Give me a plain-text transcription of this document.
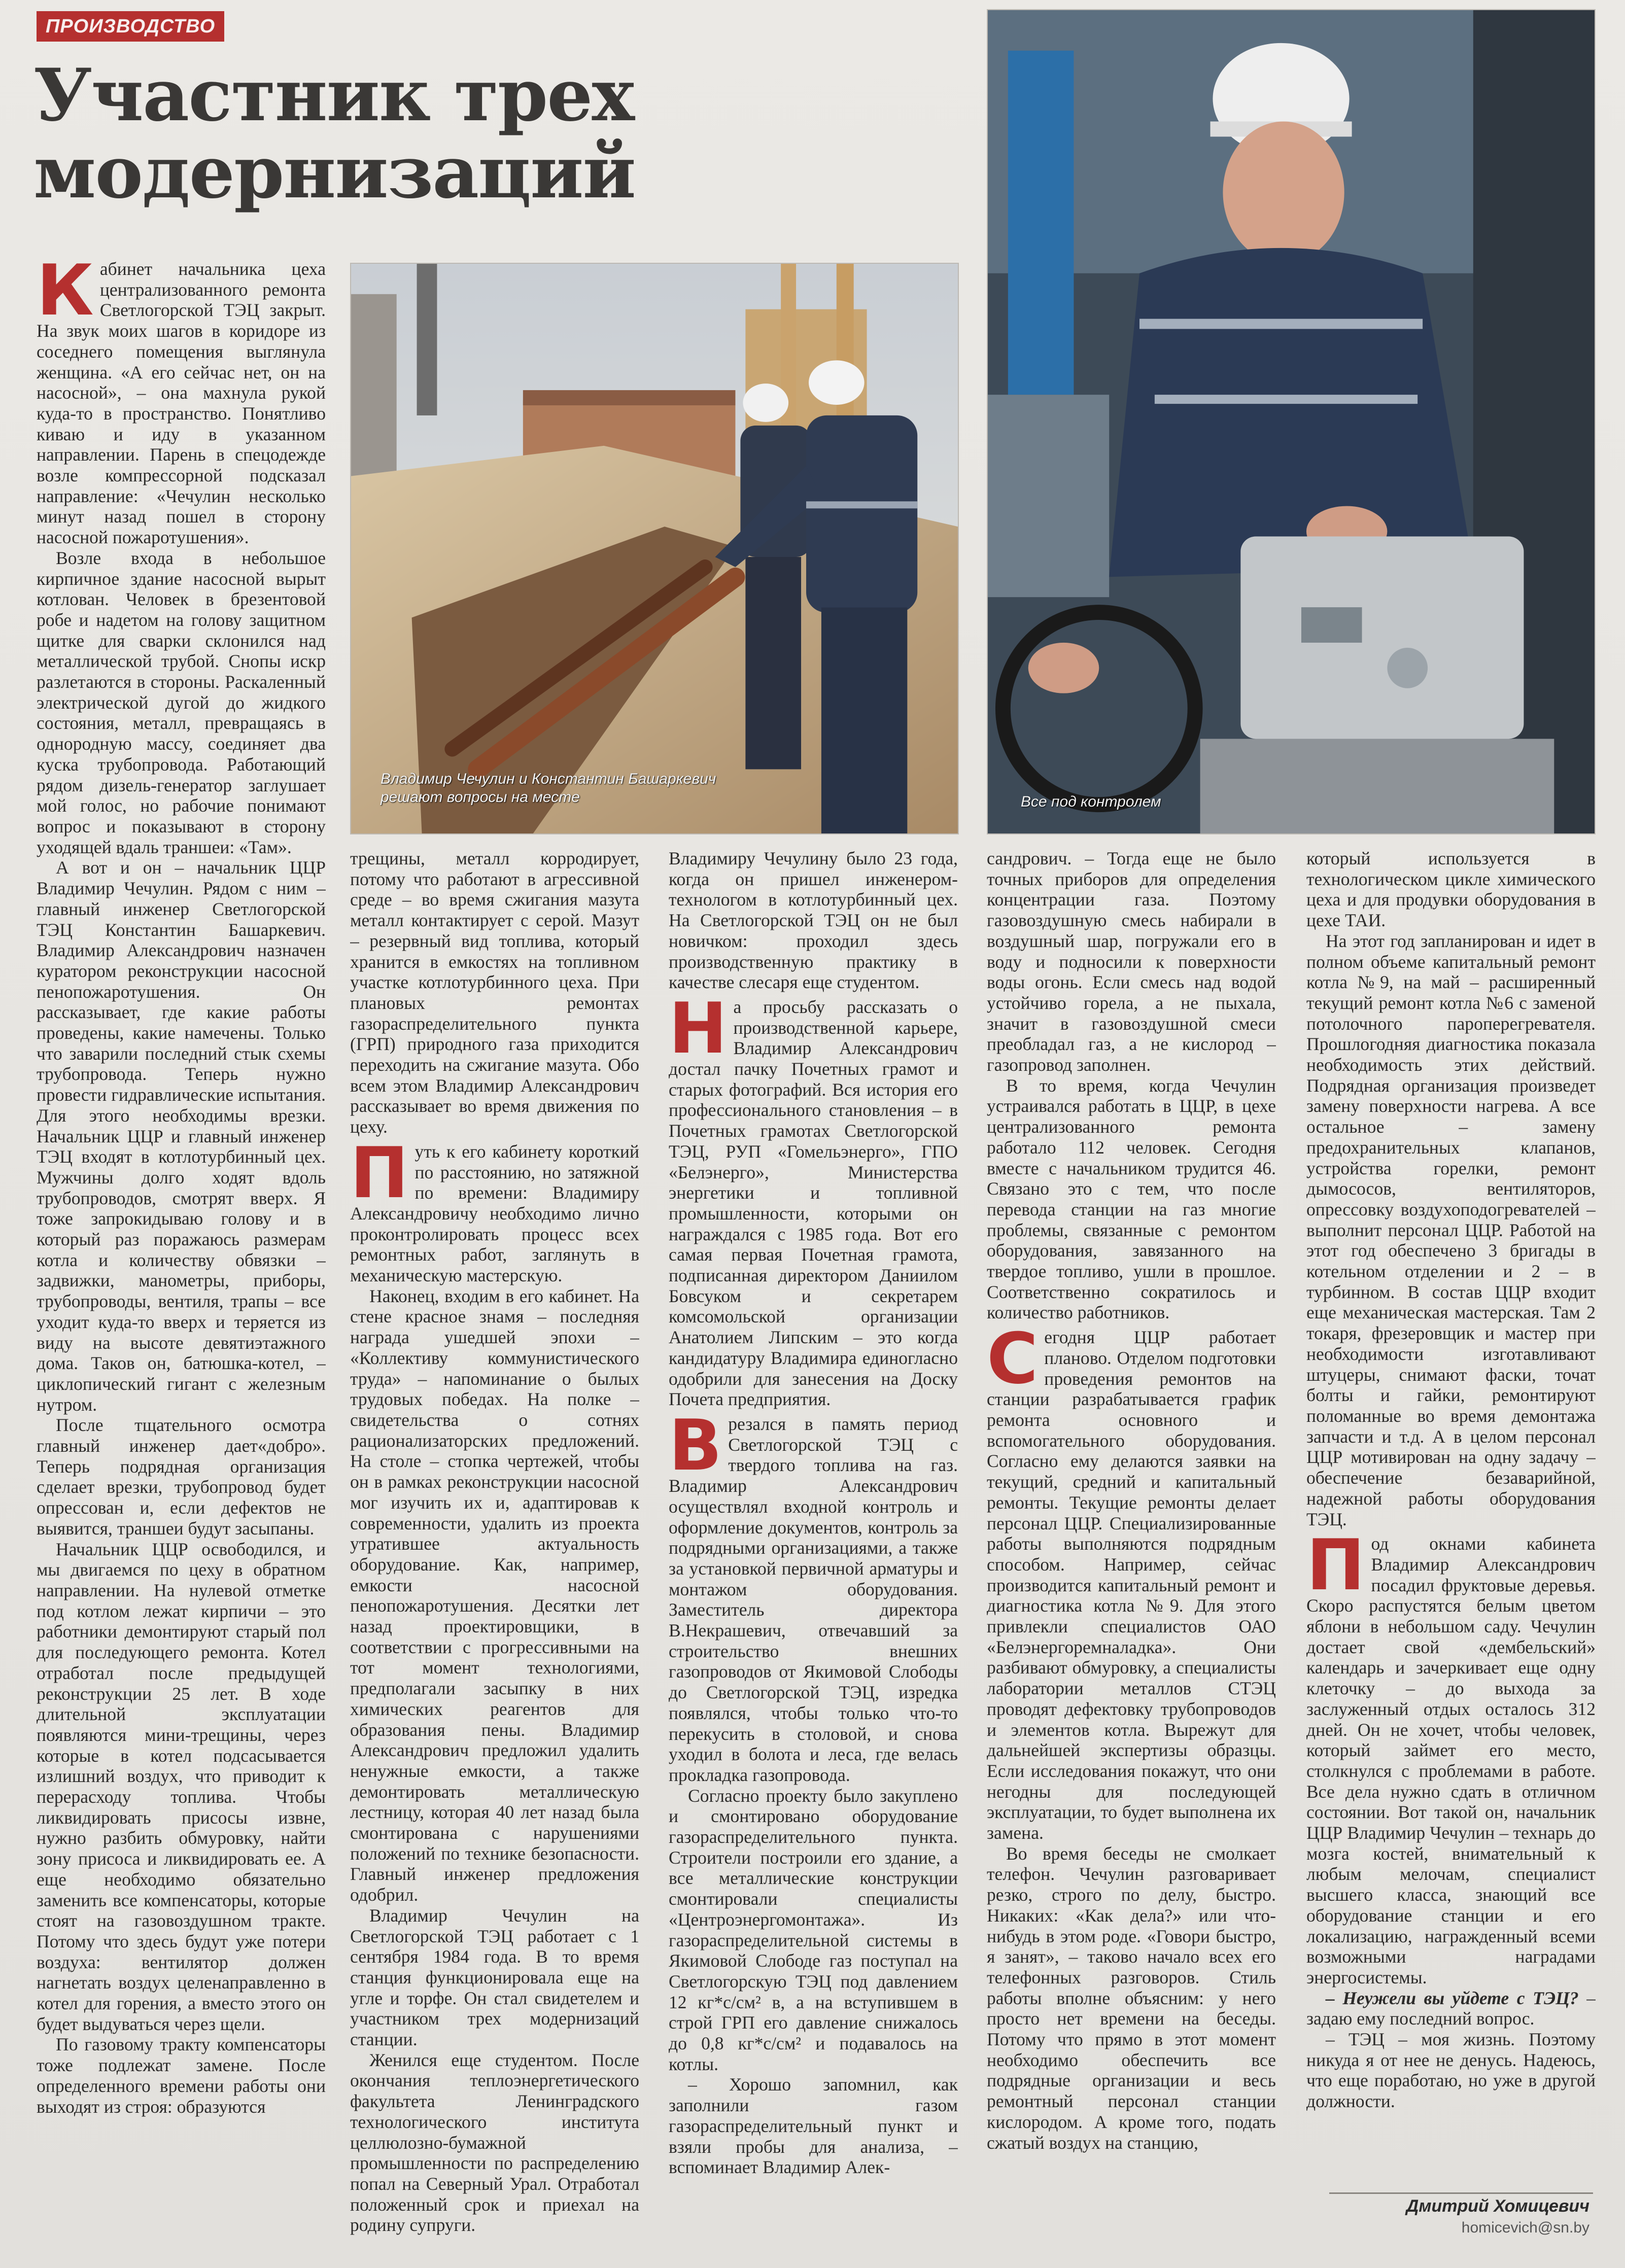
ПРОИЗВОДСТВО
Участник трех модернизаций
Владимир Чечулин и Константин Башаркевич
решают вопросы на месте	Все под контролем

Кабинет начальника цеха централизованного ремонта Светлогорской ТЭЦ закрыт. На звук моих шагов в коридоре из соседнего помещения выглянула женщина. «А его сейчас нет, он на насосной», – она махнула рукой куда-то в пространство. Понятливо киваю и иду в указанном направлении. Парень в спецодежде возле компрессорной подсказал направление: «Чечулин несколько минут назад пошел в сторону насосной пожаротушения».

Возле входа в небольшое кирпичное здание насосной вырыт котлован. Человек в брезентовой робе и надетом на голову защитном щитке для сварки склонился над металлической трубой. Снопы искр разлетаются в стороны. Раскаленный электрической дугой до жидкого состояния, металл, превращаясь в однородную массу, соединяет два куска трубопровода. Работающий рядом дизель-генератор заглушает мой голос, но рабочие понимают вопрос и показывают в сторону уходящей вдаль траншеи: «Там».

А вот и он – начальник ЦЦР Владимир Чечулин. Рядом с ним – главный инженер Светлогорской ТЭЦ Константин Башаркевич. Владимир Александрович назначен куратором реконструкции насосной пенопожаротушения. Он рассказывает, где какие работы проведены, какие намечены. Только что заварили последний стык схемы трубопровода. Теперь нужно провести гидравлические испытания. Для этого необходимы врезки. Начальник ЦЦР и главный инженер ТЭЦ входят в котлотурбинный цех. Мужчины долго ходят вдоль трубопроводов, смотрят вверх. Я тоже запрокидываю голову и в который раз поражаюсь размерам котла и количеству обвязки – задвижки, манометры, приборы, трубопроводы, вентиля, трапы – все уходит куда-то вверх и теряется из виду на высоте девятиэтажного дома. Таков он, батюшка-котел, – циклопический гигант с железным нутром.

После тщательного осмотра главный инженер дает«добро». Теперь подрядная организация сделает врезки, трубопровод будет опрессован и, если дефектов не выявится, траншеи будут засыпаны.

Начальник ЦЦР освободился, и мы двигаемся по цеху в обратном направлении. На нулевой отметке под котлом лежат кирпичи – это работники демонтируют старый пол для последующего ремонта. Котел отработал после предыдущей реконструкции 25 лет. В ходе длительной эксплуатации появляются мини-трещины, через которые в котел подсасывается излишний воздух, что приводит к перерасходу топлива. Чтобы ликвидировать присосы извне, нужно разбить обмуровку, найти зону присоса и ликвидировать ее. А еще необходимо обязательно заменить все компенсаторы, которые стоят на газовоздушном тракте. Потому что здесь будут уже потери воздуха: вентилятор должен нагнетать воздух целенаправленно в котел для горения, а вместо этого он будет выдуваться через щели.

По газовому тракту компенсаторы тоже подлежат замене. После определенного времени работы они выходят из строя: образуются

трещины, металл корродирует, потому что работают в агрессивной среде – во время сжигания мазута металл контактирует с серой. Мазут – резервный вид топлива, который хранится в емкостях на топливном участке котлотурбинного цеха. При плановых ремонтах газораспределительного пункта (ГРП) природного газа приходится переходить на сжигание мазута. Обо всем этом Владимир Александрович рассказывает во время движения по цеху.

Путь к его кабинету короткий по расстоянию, но затяжной по времени: Владимиру Александровичу необходимо лично проконтролировать процесс всех ремонтных работ, заглянуть в механическую мастерскую.

Наконец, входим в его кабинет. На стене красное знамя – последняя награда ушедшей эпохи – «Коллективу коммунистического труда» – напоминание о былых трудовых победах. На полке – свидетельства о сотнях рационализаторских предложений. На столе – стопка чертежей, чтобы он в рамках реконструкции насосной мог изучить их и, адаптировав к современности, удалить из проекта утратившее актуальность оборудование. Как, например, емкости насосной пенопожаротушения. Десятки лет назад проектировщики, в соответствии с прогрессивными на тот момент технологиями, предполагали засыпку в них химических реагентов для образования пены. Владимир Александрович предложил удалить ненужные емкости, а также демонтировать металлическую лестницу, которая 40 лет назад была смонтирована с нарушениями положений по технике безопасности. Главный инженер предложения одобрил.

Владимир Чечулин на Светлогорской ТЭЦ работает с 1 сентября 1984 года. В то время станция функционировала еще на угле и торфе. Он стал свидетелем и участником трех модернизаций станции.

Женился еще студентом. После окончания теплоэнергетического факультета Ленинградского технологического института целлюлозно-бумажной промышленности по распределению попал на Северный Урал. Отработал положенный срок и приехал на родину супруги.

Владимиру Чечулину было 23 года, когда он пришел инженером-технологом в котлотурбинный цех. На Светлогорской ТЭЦ он не был новичком: проходил здесь производственную практику в качестве слесаря еще студентом.

На просьбу рассказать о производственной карьере, Владимир Александрович достал пачку Почетных грамот и старых фотографий. Вся история его профессионального становления – в Почетных грамотах Светлогорской ТЭЦ, РУП «Гомельэнерго», ГПО «Белэнерго», Министерства энергетики и топливной промышленности, которыми он награждался с 1985 года. Вот его самая первая Почетная грамота, подписанная директором Даниилом Бовсуком и секретарем комсомольской организации Анатолием Липским – это когда кандидатуру Владимира единогласно одобрили для занесения на Доску Почета предприятия.

Врезался в память период Светлогорской ТЭЦ с твердого топлива на газ. Владимир Александрович осуществлял входной контроль и оформление документов, контроль за подрядными организациями, а также за установкой первичной арматуры и монтажом оборудования. Заместитель директора В.Некрашевич, отвечавший за строительство внешних газопроводов от Якимовой Слободы до Светлогорской ТЭЦ, изредка появлялся, чтобы только что-то перекусить в столовой, и снова уходил в болота и леса, где велась прокладка газопровода.

Согласно проекту было закуплено и смонтировано оборудование газораспределительного пункта. Строители построили его здание, а все металлические конструкции смонтировали специалисты «Центроэнергомонтажа». Из газораспределительной системы в Якимовой Слободе газ поступал на Светлогорскую ТЭЦ под давлением 12 кг*с/см² в, а на вступившем в строй ГРП его давление снижалось до 0,8 кг*с/см² и подавалось на котлы.

– Хорошо запомнил, как заполнили газом газораспределительный пункт и взяли пробы для анализа, – вспоминает Владимир Алек-

сандрович. – Тогда еще не было точных приборов для определения концентрации газа. Поэтому газовоздушную смесь набирали в воздушный шар, погружали его в воду и подносили к поверхности воды огонь. Если смесь над водой устойчиво горела, а не пыхала, значит в газовоздушной смеси преобладал газ, а не кислород – газопровод заполнен.

В то время, когда Чечулин устраивался работать в ЦЦР, в цехе централизованного ремонта работало 112 человек. Сегодня вместе с начальником трудится 46. Связано это с тем, что после перевода станции на газ многие проблемы, связанные с ремонтом оборудования, завязанного на твердое топливо, ушли в прошлое. Соответственно сократилось и количество работников.

Сегодня ЦЦР работает планово. Отделом подготовки проведения ремонтов на станции разрабатывается график ремонта основного и вспомогательного оборудования. Согласно ему делаются заявки на текущий, средний и капитальный ремонты. Текущие ремонты делает персонал ЦЦР. Специализированные работы выполняются подрядным способом. Например, сейчас производится капитальный ремонт и диагностика котла №9. Для этого привлекли специалистов ОАО «Белэнергоремналадка». Они разбивают обмуровку, а специалисты лаборатории металлов СТЭЦ проводят дефектовку трубопроводов и элементов котла. Вырежут для дальнейшей экспертизы образцы. Если исследования покажут, что они негодны для последующей эксплуатации, то будет выполнена их замена.

Во время беседы не смолкает телефон. Чечулин разговаривает резко, строго по делу, быстро. Никаких: «Как дела?» или что-нибудь в этом роде. «Говори быстро, я занят», – таково начало всех его телефонных разговоров. Стиль работы вполне объясним: у него просто нет времени на беседы. Потому что прямо в этот момент необходимо обеспечить все подрядные организации и весь ремонтный персонал станции кислородом. А кроме того, подать сжатый воздух на станцию,

который используется в технологическом цикле химического цеха и для продувки оборудования в цехе ТАИ.

На этот год запланирован и идет в полном объеме капитальный ремонт котла №9, на май – расширенный текущий ремонт котла №6 с заменой потолочного пароперегревателя. Прошлогодняя диагностика показала необходимость этих действий. Подрядная организация произведет замену поверхности нагрева. А все остальное – замену предохранительных клапанов, устройства горелки, ремонт дымососов, вентиляторов, опрессовку воздухоподогревателей – выполнит персонал ЦЦР. Работой на этот год обеспечено 3 бригады в котельном отделении и 2 – в турбинном. В состав ЦЦР входит еще механическая мастерская. Там 2 токаря, фрезеровщик и мастер при необходимости изготавливают штуцеры, снимают фаски, точат болты и гайки, ремонтируют поломанные во время демонтажа запчасти и т.д. А в целом персонал ЦЦР мотивирован на одну задачу – обеспечение безаварийной, надежной работы оборудования ТЭЦ.

Под окнами кабинета Владимир Александрович посадил фруктовые деревья. Скоро распустятся белым цветом яблони в небольшом саду. Чечулин достает свой «дембельский» календарь и зачеркивает еще одну клеточку – до выхода за заслуженный отдых осталось 312 дней. Он не хочет, чтобы человек, который займет его место, столкнулся с проблемами в работе. Все дела нужно сдать в отличном состоянии. Вот такой он, начальник ЦЦР Владимир Чечулин – технарь до мозга костей, внимательный к любым мелочам, специалист высшего класса, знающий все оборудование станции и его локализацию, награжденный всеми возможными наградами энергосистемы.

– Неужели вы уйдете с ТЭЦ? – задаю ему последний вопрос.

– ТЭЦ – моя жизнь. Поэтому никуда я от нее не денусь. Надеюсь, что еще поработаю, но уже в другой должности.

Дмитрий Хомицевич
homicevich@sn.by
